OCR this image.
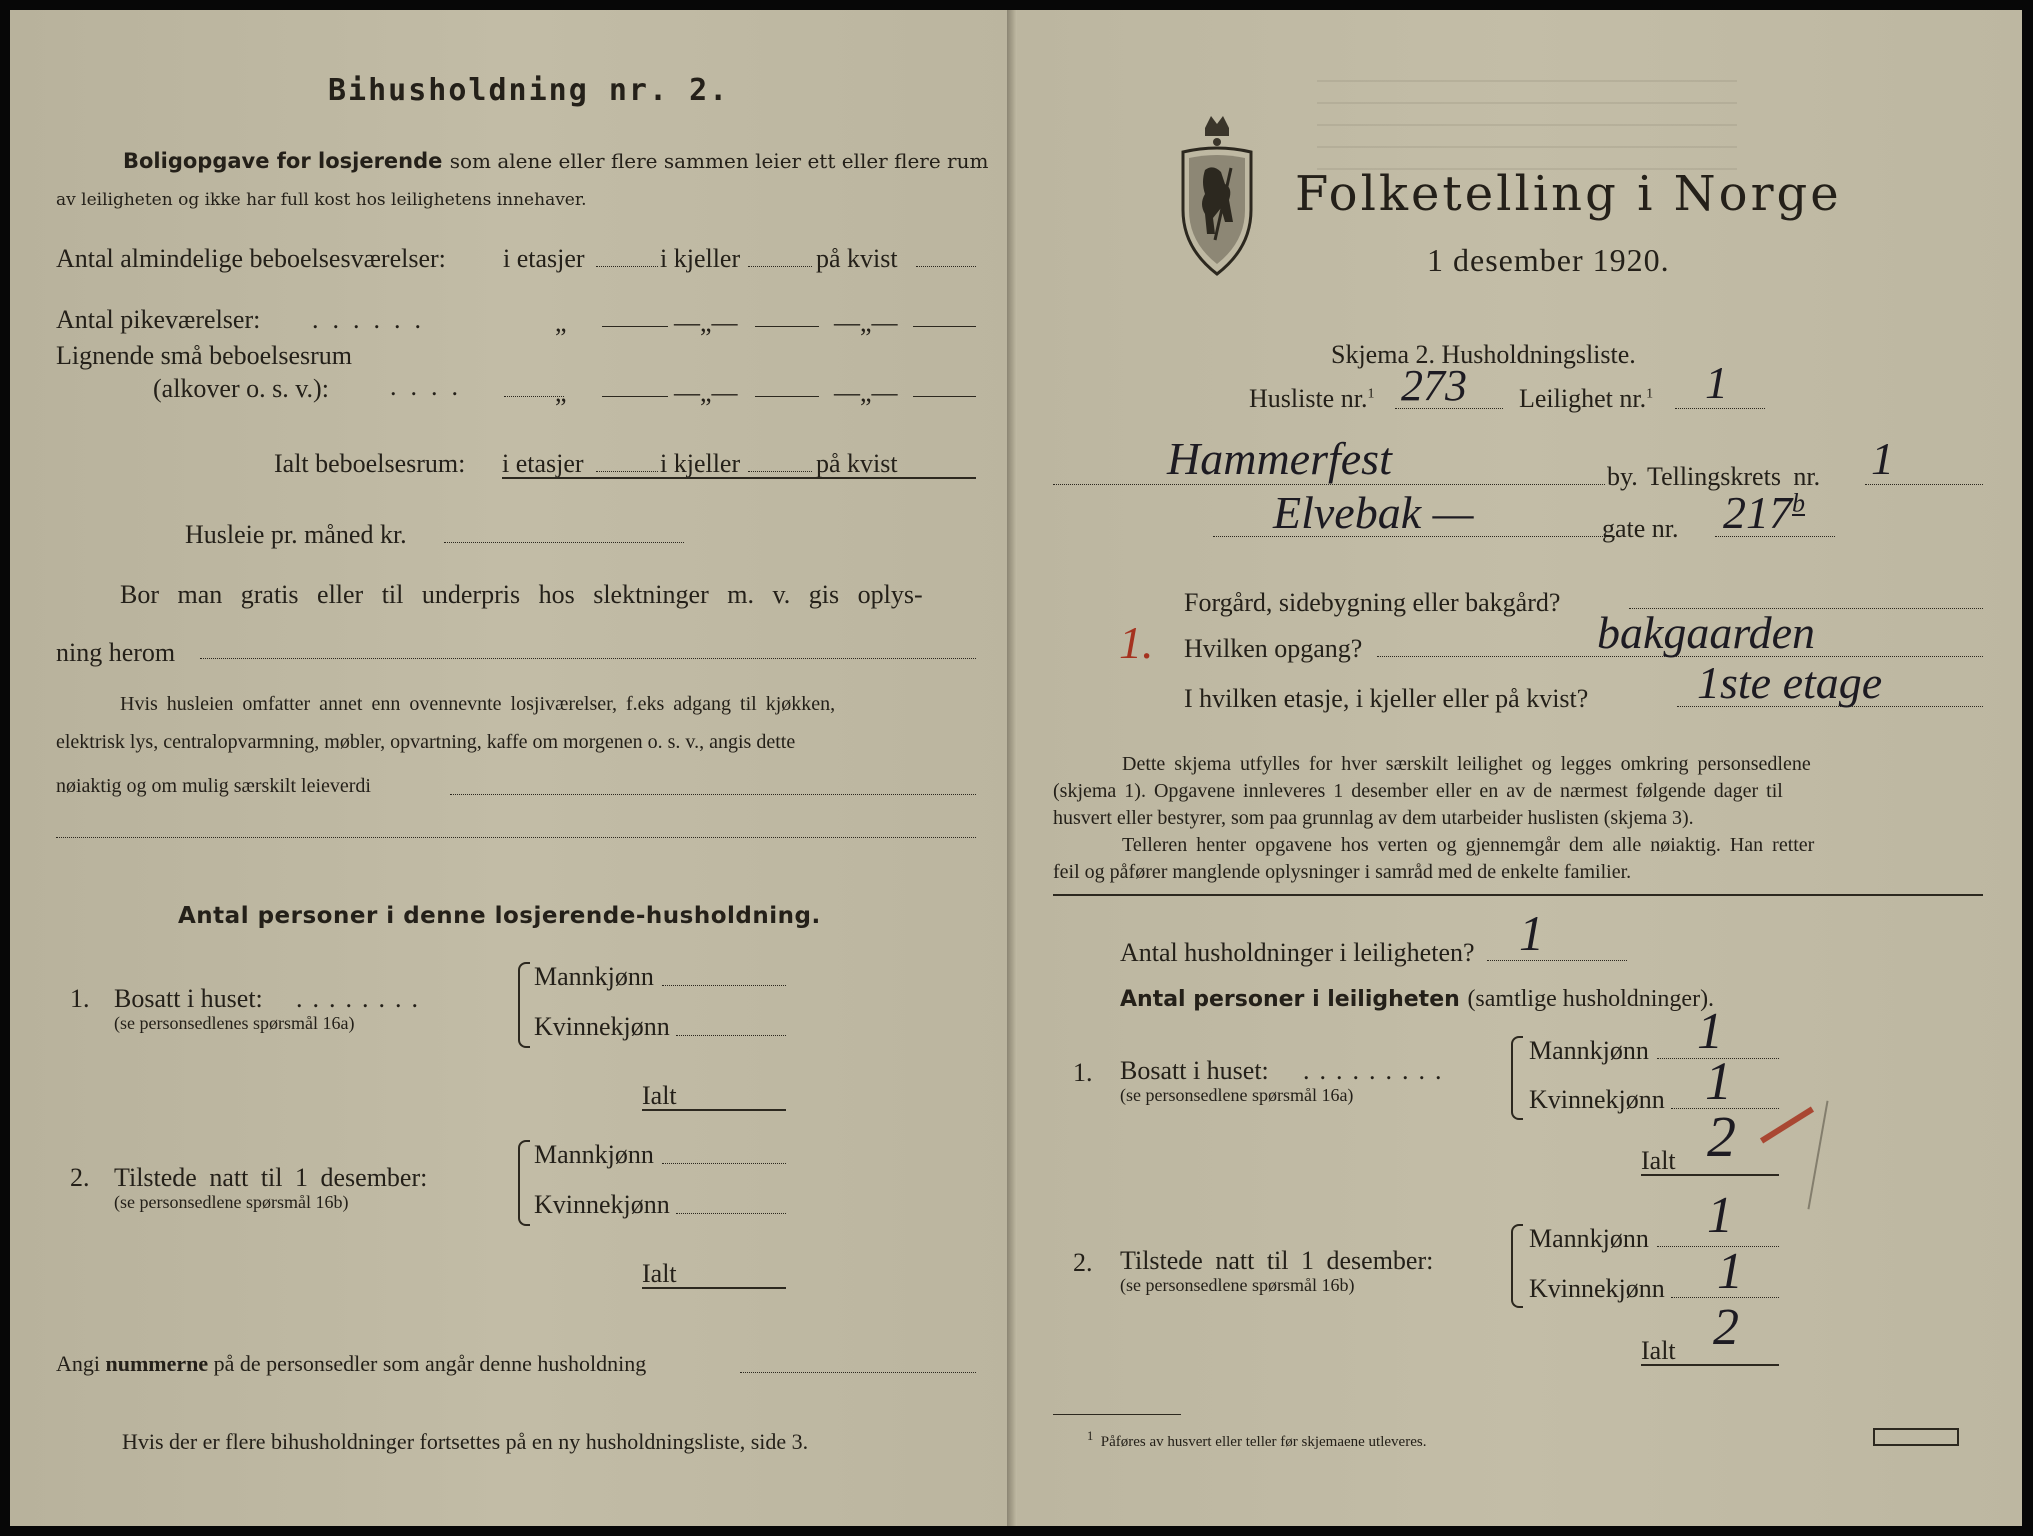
Bihusholdning nr. 2.
Boligopgave for losjerende som alene eller flere sammen leier ett eller flere rum
av leiligheten og ikke har full kost hos leilighetens innehaver.
Antal almindelige beboelsesværelser: i etasjer	i kjeller	på kvist
Antal pikeværelser: ......	„	—„—	—„—
Lignende små beboelsesrum
(alkover o. s. v.): ....	„	—„—	—„—
Ialt beboelsesrum: i etasjer	i kjeller	på kvist
Husleie pr. måned kr.
Bor man gratis eller til underpris hos slektninger m. v. gis oplys-
ning herom
Hvis husleien omfatter annet enn ovennevnte losjiværelser, f.eks adgang til kjøkken,
elektrisk lys, centralopvarmning, møbler, opvartning, kaffe om morgenen o. s. v., angis dette
nøiaktig og om mulig særskilt leieverdi
Antal personer i denne losjerende-husholdning.
1. Bosatt i huset: ........
(se personsedlenes spørsmål 16a)
Mannkjønn
Kvinnekjønn
Ialt
2. Tilstede natt til 1 desember:
(se personsedlene spørsmål 16b)
Mannkjønn
Kvinnekjønn
Ialt
Angi nummerne på de personsedler som angår denne husholdning
Hvis der er flere bihusholdninger fortsettes på en ny husholdningsliste, side 3.
Folketelling i Norge
1 desember 1920.
Skjema 2. Husholdningsliste.
Husliste nr.$^1$ 273 Leilighet nr.$^1$ 1
Hammerfest	by. Tellingskrets nr. 1
Elvebak —	gate nr. 217$^b$
Forgård, sidebygning eller bakgård?
1. Hvilken opgang?	bakgaarden
I hvilken etasje, i kjeller eller på kvist? 1ste etage
Dette skjema utfylles for hver særskilt leilighet og legges omkring personsedlene
(skjema 1). Opgavene innleveres 1 desember eller en av de nærmest følgende dager til
husvert eller bestyrer, som paa grunnlag av dem utarbeider huslisten (skjema 3).
Telleren henter opgavene hos verten og gjennemgår dem alle nøiaktig. Han retter
feil og påfører manglende oplysninger i samråd med de enkelte familier.
Antal husholdninger i leiligheten? 1
Antal personer i leiligheten (samtlige husholdninger).
1. Bosatt i huset: .........
(se personsedlene spørsmål 16a)
Mannkjønn 1
Kvinnekjønn 1
Ialt 2
2. Tilstede natt til 1 desember:
(se personsedlene spørsmål 16b)
Mannkjønn 1
Kvinnekjønn 1
Ialt 2
$^1$ Påføres av husvert eller teller før skjemaene utleveres.
